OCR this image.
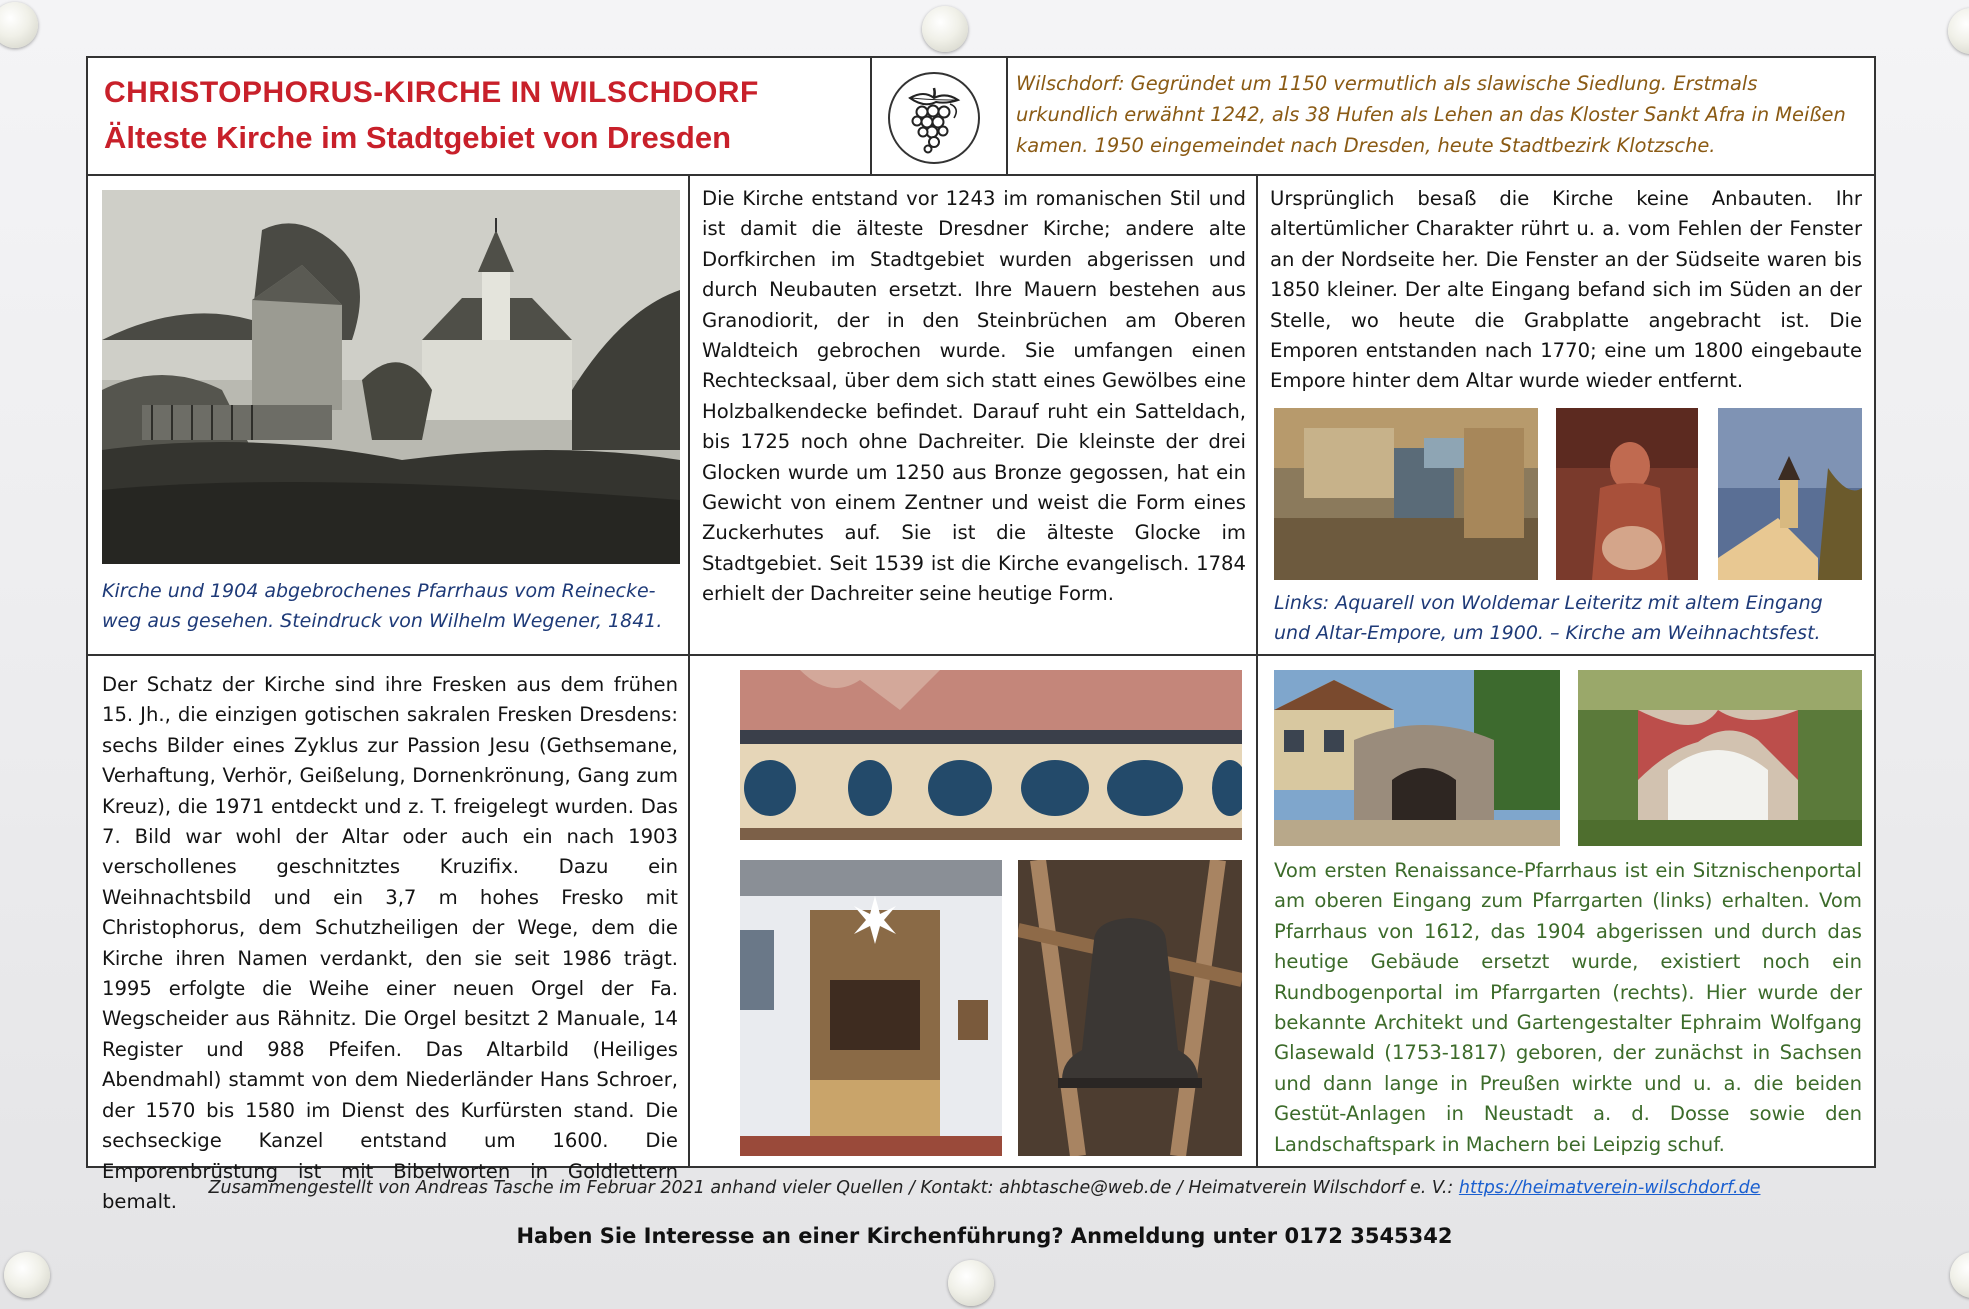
CHRISTOPHORUS-KIRCHE IN WILSCHDORF
Älteste Kirche im Stadtgebiet von Dresden
Wilschdorf: Gegründet um 1150 vermutlich als slawische Siedlung. Erstmals urkundlich erwähnt 1242, als 38 Hufen als Lehen an das Kloster Sankt Afra in Meißen kamen. 1950 eingemeindet nach Dresden, heute Stadtbezirk Klotzsche.
Kirche und 1904 abgebrochenes Pfarrhaus vom Reinecke-weg aus gesehen. Steindruck von Wilhelm Wegener, 1841.
Die Kirche entstand vor 1243 im romanischen Stil und ist damit die älteste Dresdner Kirche; andere alte Dorfkirchen im Stadtgebiet wurden abgerissen und durch Neubauten ersetzt. Ihre Mauern bestehen aus Granodiorit, der in den Steinbrüchen am Oberen Waldteich gebrochen wurde. Sie umfangen einen Rechtecksaal, über dem sich statt eines Gewölbes eine Holzbalkendecke befindet. Darauf ruht ein Satteldach, bis 1725 noch ohne Dachreiter. Die kleinste der drei Glocken wurde um 1250 aus Bronze gegossen, hat ein Gewicht von einem Zentner und weist die Form eines Zuckerhutes auf. Sie ist die älteste Glocke im Stadtgebiet. Seit 1539 ist die Kirche evangelisch. 1784 erhielt der Dachreiter seine heutige Form.
Ursprünglich besaß die Kirche keine Anbauten. Ihr altertümlicher Charakter rührt u. a. vom Fehlen der Fenster an der Nordseite her. Die Fenster an der Südseite waren bis 1850 kleiner. Der alte Eingang befand sich im Süden an der Stelle, wo heute die Grabplatte angebracht ist. Die Emporen entstanden nach 1770; eine um 1800 eingebaute Empore hinter dem Altar wurde wieder entfernt.
Links: Aquarell von Woldemar Leiteritz mit altem Eingang und Altar-Empore, um 1900. – Kirche am Weihnachtsfest.
Der Schatz der Kirche sind ihre Fresken aus dem frühen 15. Jh., die einzigen gotischen sakralen Fresken Dresdens: sechs Bilder eines Zyklus zur Passion Jesu (Gethsemane, Verhaftung, Verhör, Geißelung, Dornenkrönung, Gang zum Kreuz), die 1971 entdeckt und z. T. freigelegt wurden. Das 7. Bild war wohl der Altar oder auch ein nach 1903 verschollenes geschnitztes Kruzifix. Dazu ein Weihnachtsbild und ein 3,7 m hohes Fresko mit Christophorus, dem Schutzheiligen der Wege, dem die Kirche ihren Namen verdankt, den sie seit 1986 trägt. 1995 erfolgte die Weihe einer neuen Orgel der Fa. Wegscheider aus Rähnitz. Die Orgel besitzt 2 Manuale, 14 Register und 988 Pfeifen. Das Altarbild (Heiliges Abendmahl) stammt von dem Niederländer Hans Schroer, der 1570 bis 1580 im Dienst des Kurfürsten stand. Die sechseckige Kanzel entstand um 1600. Die Emporenbrüstung ist mit Bibelworten in Goldlettern bemalt.
Vom ersten Renaissance-Pfarrhaus ist ein Sitznischenportal am oberen Eingang zum Pfarrgarten (links) erhalten. Vom Pfarrhaus von 1612, das 1904 abgerissen und durch das heutige Gebäude ersetzt wurde, existiert noch ein Rundbogenportal im Pfarrgarten (rechts). Hier wurde der bekannte Architekt und Gartengestalter Ephraim Wolfgang Glasewald (1753-1817) geboren, der zunächst in Sachsen und dann lange in Preußen wirkte und u. a. die beiden Gestüt-Anlagen in Neustadt a. d. Dosse sowie den Landschaftspark in Machern bei Leipzig schuf.
Zusammengestellt von Andreas Tasche im Februar 2021 anhand vieler Quellen / Kontakt: ahbtasche@web.de / Heimatverein Wilschdorf e. V.: https://heimatverein-wilschdorf.de
Haben Sie Interesse an einer Kirchenführung? Anmeldung unter 0172 3545342
